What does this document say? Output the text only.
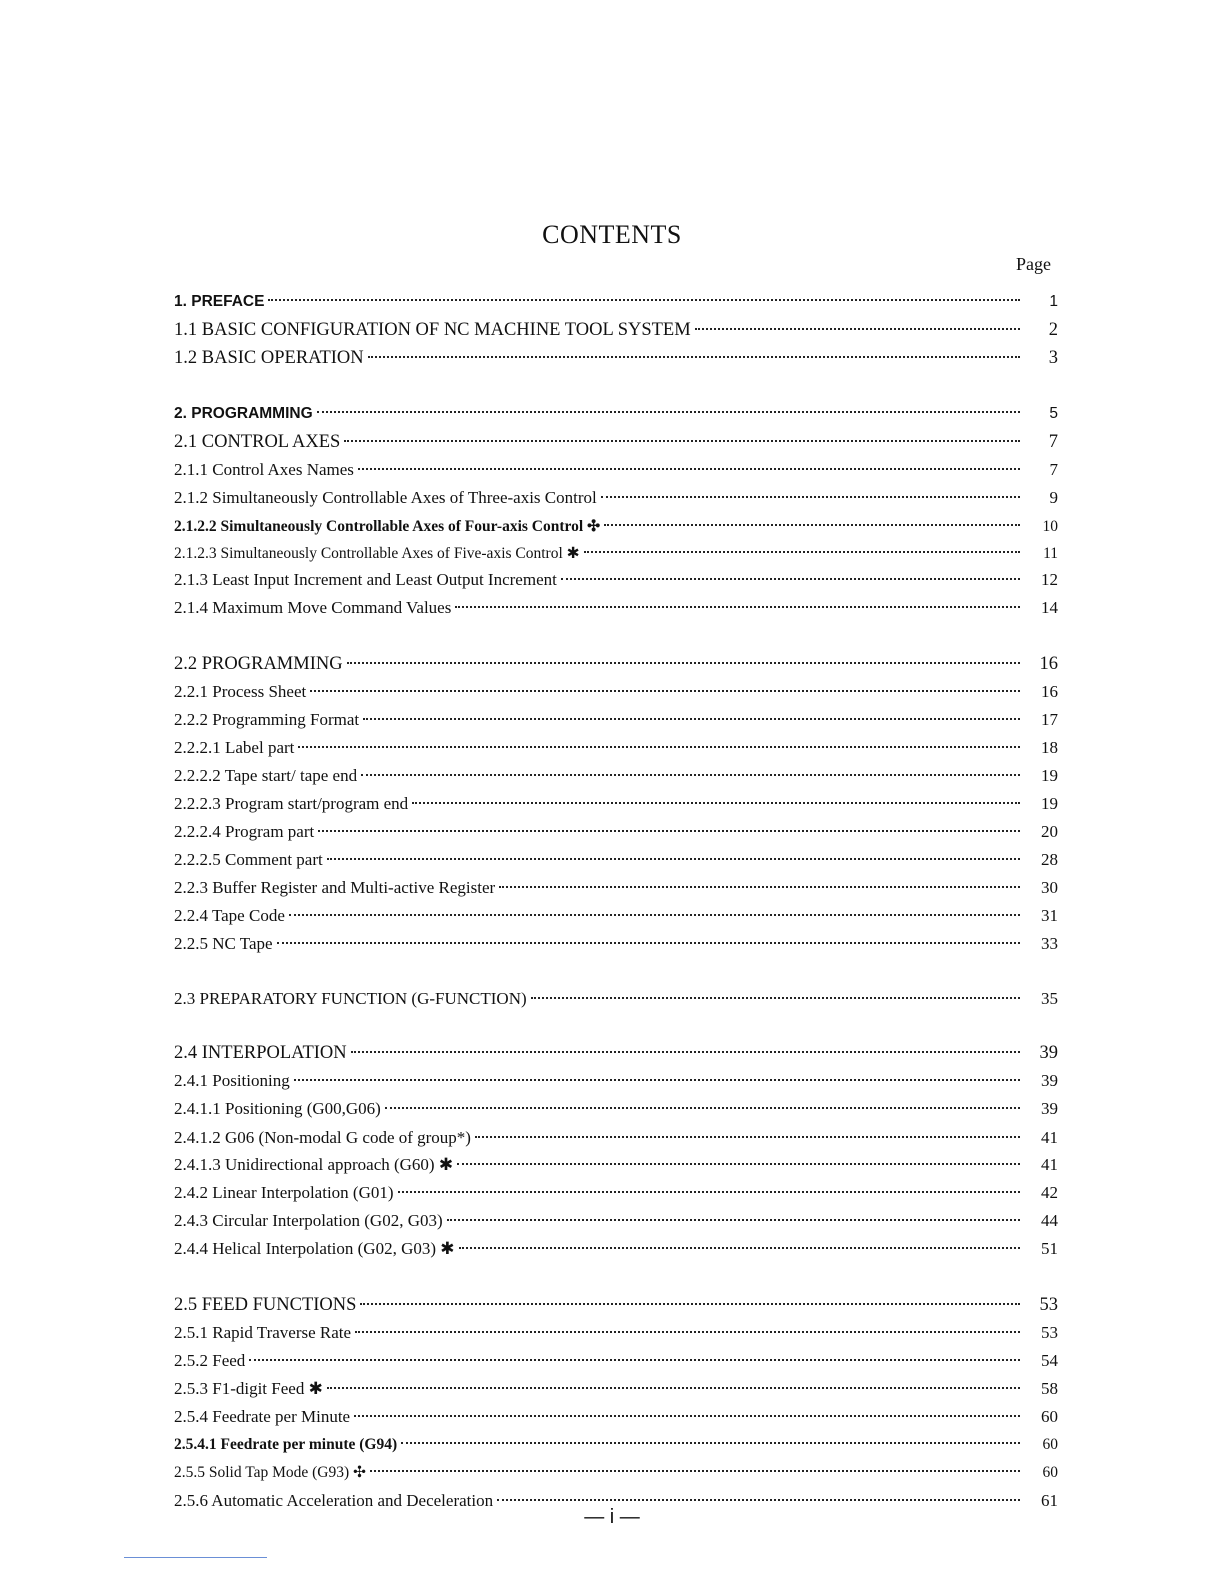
CONTENTS
Page
1. PREFACE	1
1.1 BASIC CONFIGURATION OF NC MACHINE TOOL SYSTEM	2
1.2 BASIC OPERATION	3
2. PROGRAMMING	5
2.1 CONTROL AXES	7
2.1.1 Control Axes Names	7
2.1.2 Simultaneously Controllable Axes of Three-axis Control	9
2.1.2.2 Simultaneously Controllable Axes of Four-axis Control ✣	10
2.1.2.3 Simultaneously Controllable Axes of Five-axis Control ✱	11
2.1.3 Least Input Increment and Least Output Increment	12
2.1.4 Maximum Move Command Values	14
2.2 PROGRAMMING	16
2.2.1 Process Sheet	16
2.2.2 Programming Format	17
2.2.2.1 Label part	18
2.2.2.2 Tape start/ tape end	19
2.2.2.3 Program start/program end	19
2.2.2.4 Program part	20
2.2.2.5 Comment part	28
2.2.3 Buffer Register and Multi-active Register	30
2.2.4 Tape Code	31
2.2.5 NC Tape	33
2.3 PREPARATORY FUNCTION (G-FUNCTION)	35
2.4 INTERPOLATION	39
2.4.1 Positioning	39
2.4.1.1 Positioning (G00,G06)	39
2.4.1.2 G06 (Non-modal G code of group*)	41
2.4.1.3 Unidirectional approach (G60) ✱	41
2.4.2 Linear Interpolation (G01)	42
2.4.3 Circular Interpolation (G02, G03)	44
2.4.4 Helical Interpolation (G02, G03) ✱	51
2.5 FEED FUNCTIONS	53
2.5.1 Rapid Traverse Rate	53
2.5.2 Feed	54
2.5.3 F1-digit Feed ✱	58
2.5.4 Feedrate per Minute	60
2.5.4.1 Feedrate per minute (G94)	60
2.5.5 Solid Tap Mode (G93) ✣	60
2.5.6 Automatic Acceleration and Deceleration	61
— i —
